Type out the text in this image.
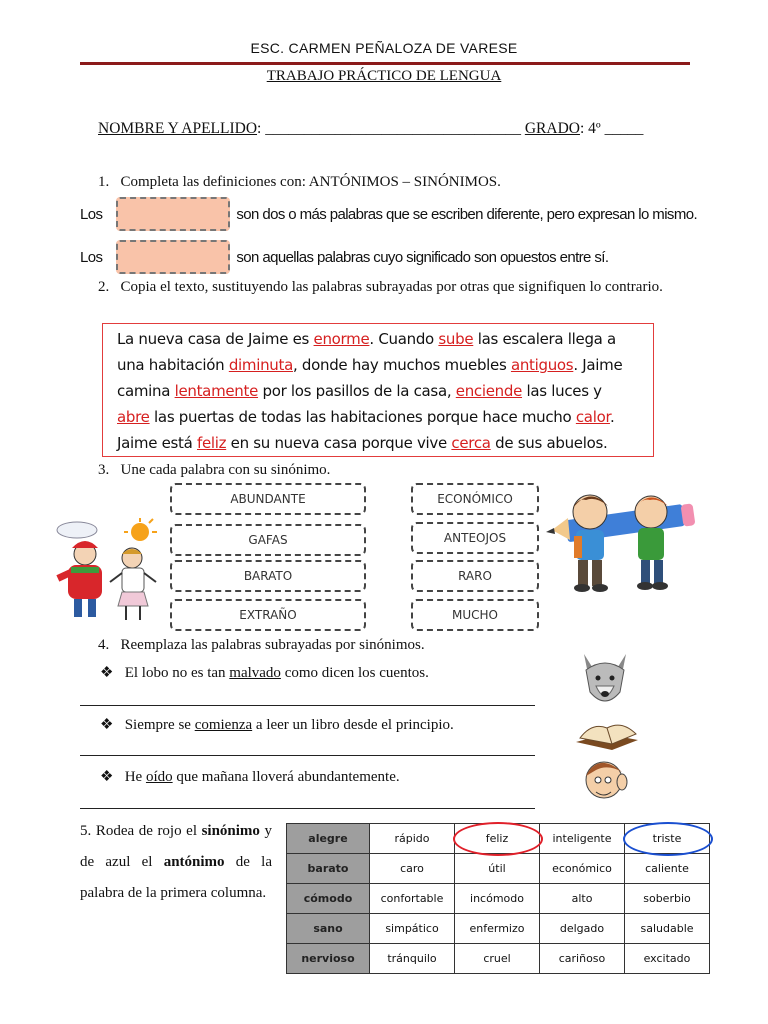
ESC. CARMEN PEÑALOZA DE VARESE
TRABAJO PRÁCTICO DE LENGUA
NOMBRE Y APELLIDO: _________________________________ GRADO: 4º _____
1. Completa las definiciones con: ANTÓNIMOS – SINÓNIMOS.
Los	son dos o más palabras que se escriben diferente, pero expresan lo mismo.
Los	son aquellas palabras cuyo significado son opuestos entre sí.
2. Copia el texto, sustituyendo las palabras subrayadas por otras que signifiquen lo contrario.
La nueva casa de Jaime es enorme. Cuando sube las escalera llega a
una habitación diminuta, donde hay muchos muebles antiguos. Jaime
camina lentamente por los pasillos de la casa, enciende las luces y
abre las puertas de todas las habitaciones porque hace mucho calor.
Jaime está feliz en su nueva casa porque vive cerca de sus abuelos.
3. Une cada palabra con su sinónimo.
ABUNDANTE
GAFAS
BARATO
EXTRAÑO
ECONÓMICO
ANTEOJOS
RARO
MUCHO
4. Reemplaza las palabras subrayadas por sinónimos.
❖ El lobo no es tan malvado como dicen los cuentos.
❖ Siempre se comienza a leer un libro desde el principio.
❖ He oído que mañana lloverá abundantemente.
5. Rodea de rojo el sinónimo y de azul el antónimo de la palabra de la primera columna.
alegre	rápido	feliz	inteligente	triste

barato	caro	útil	económico	caliente
cómodo	confortable	incómodo	alto	soberbio
sano	simpático	enfermizo	delgado	saludable
nervioso	tránquilo	cruel	cariñoso	excitado
